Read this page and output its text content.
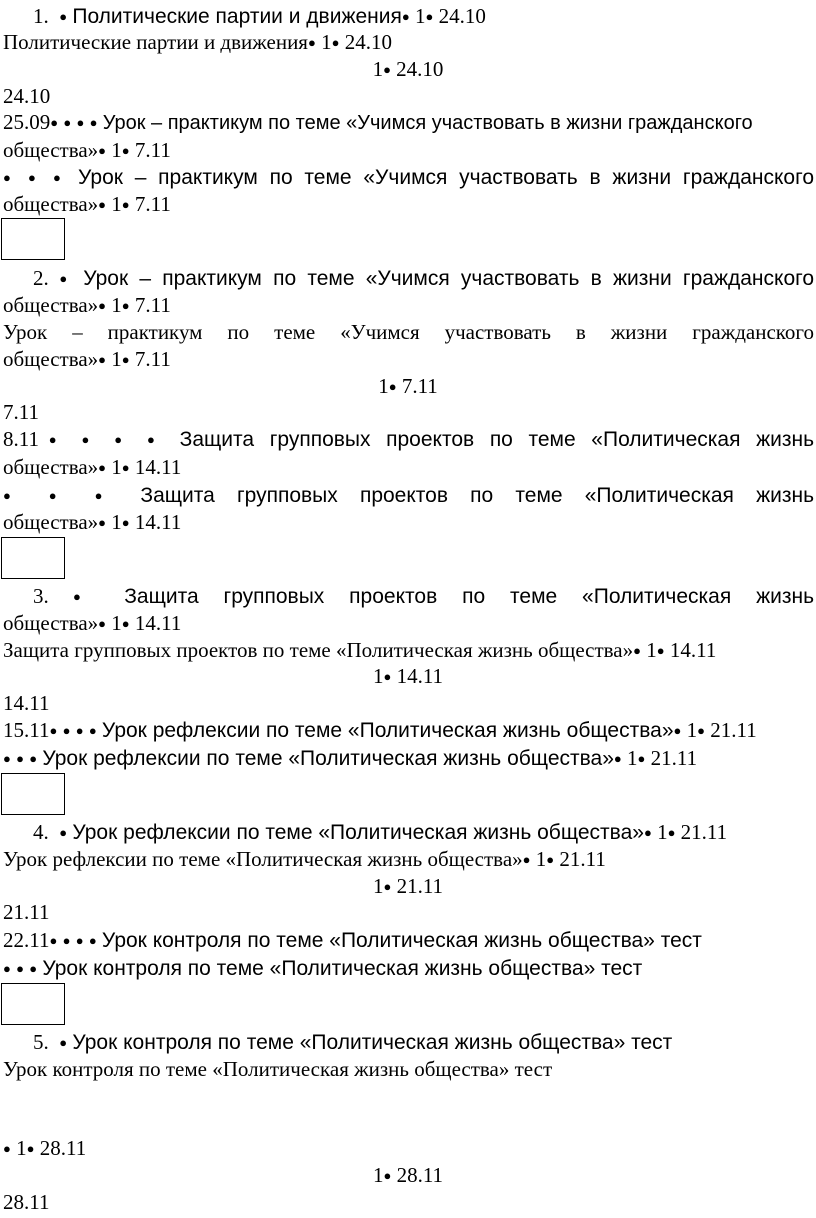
1. ● Политические партии и движения● 1● 24.10
Политические партии и движения● 1● 24.10
1● 24.10
24.10
25.09● ● ● ● Урок – практикум по теме «Учимся участвовать в жизни гражданского
общества»● 1● 7.11
● ● ● Урок – практикум по теме «Учимся участвовать в жизни гражданского
общества»● 1● 7.11
2. ● Урок – практикум по теме «Учимся участвовать в жизни гражданского
общества»● 1● 7.11
Урок – практикум по теме «Учимся участвовать в жизни гражданского
общества»● 1● 7.11
1● 7.11
7.11
8.11● ● ● ● Защита групповых проектов по теме «Политическая жизнь
общества»● 1● 14.11
● ● ● Защита групповых проектов по теме «Политическая жизнь
общества»● 1● 14.11
3. ● Защита групповых проектов по теме «Политическая жизнь
общества»● 1● 14.11
Защита групповых проектов по теме «Политическая жизнь общества»● 1● 14.11
1● 14.11
14.11
15.11● ● ● ● Урок рефлексии по теме «Политическая жизнь общества»● 1● 21.11
● ● ● Урок рефлексии по теме «Политическая жизнь общества»● 1● 21.11
4. ● Урок рефлексии по теме «Политическая жизнь общества»● 1● 21.11
Урок рефлексии по теме «Политическая жизнь общества»● 1● 21.11
1● 21.11
21.11
22.11● ● ● ● Урок контроля по теме «Политическая жизнь общества» тест
● ● ● Урок контроля по теме «Политическая жизнь общества» тест
5. ● Урок контроля по теме «Политическая жизнь общества» тест
Урок контроля по теме «Политическая жизнь общества» тест
● 1● 28.11
1● 28.11
28.11
